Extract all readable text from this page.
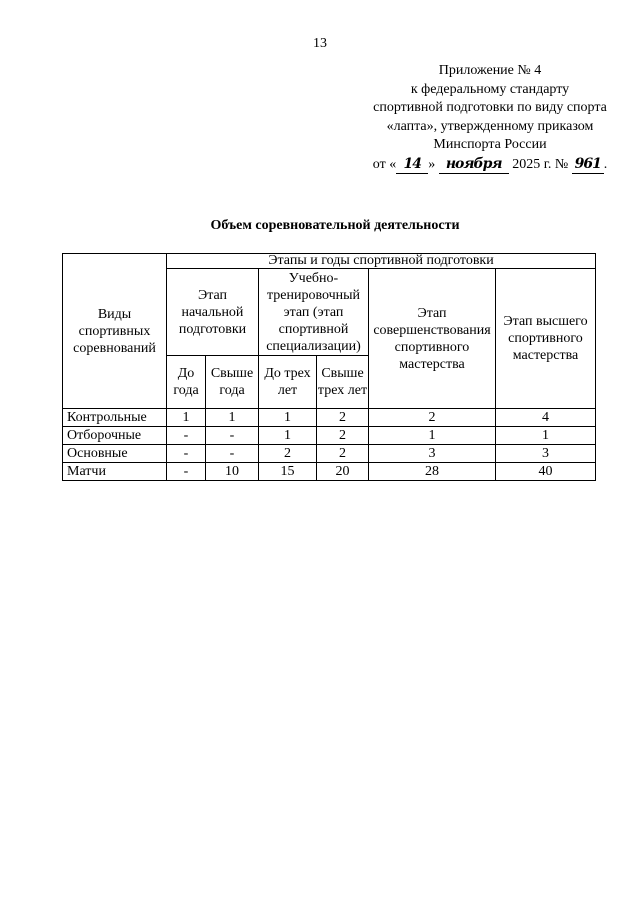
13
Приложение № 4
к федеральному стандарту
спортивной подготовки по виду спорта
«лапта», утвержденному приказом
Минспорта России
от « 14 » ноября 2025 г. № 961 .
Объем соревновательной деятельности
Виды спортивных соревнований	Этапы и годы спортивной подготовки					
	Этап начальной подготовки		Учебно-тренировочный этап (этап спортивной специализации)		Этап совершенствования спортивного мастерства	Этап высшего спортивного мастерства
	До года	Свыше года	До трех лет	Свыше трех лет		
Контрольные	1	1	1	2	2	4
Отборочные	-	-	1	2	1	1
Основные	-	-	2	2	3	3
Матчи	-	10	15	20	28	40
